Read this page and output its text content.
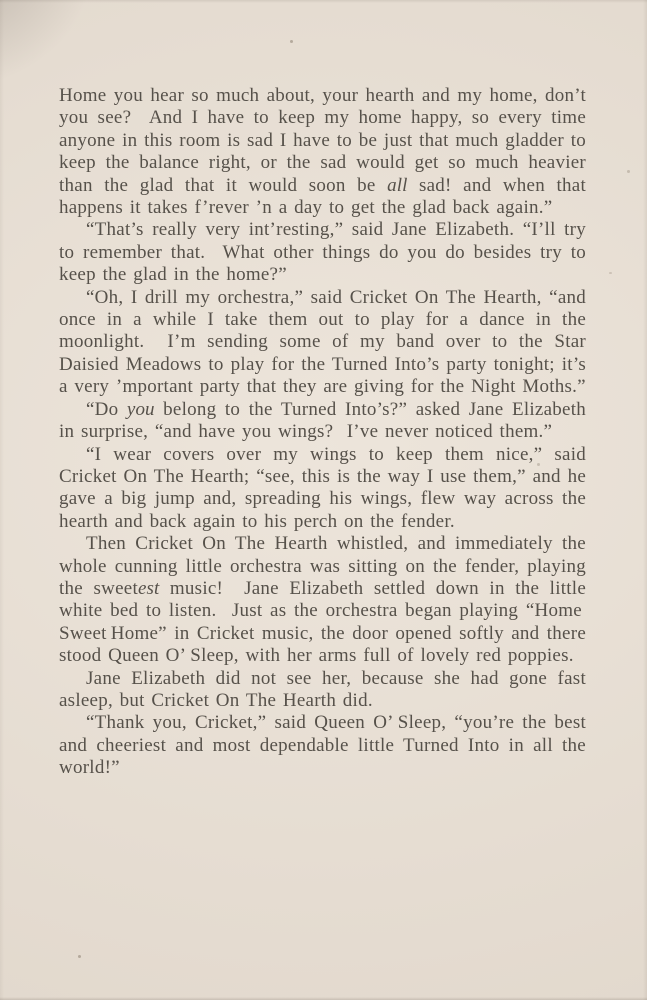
Home you hear so much about, your hearth and my home, don’t you see?  And I have to keep my home happy, so every time anyone in this room is sad I have to be just that much gladder to keep the balance right, or the sad would get so much heavier than the glad that it would soon be all sad! and when that happens it takes f’rever ’n a day to get the glad back again.”

“That’s really very int’resting,” said Jane Elizabeth. “I’ll try to remember that.  What other things do you do besides try to keep the glad in the home?”

“Oh, I drill my orchestra,” said Cricket On The Hearth, “and once in a while I take them out to play for a dance in the moonlight.  I’m sending some of my band over to the Star Daisied Meadows to play for the Turned Into’s party tonight; it’s a very ’mportant party that they are giving for the Night Moths.”

“Do you belong to the Turned Into’s?” asked Jane Elizabeth in surprise, “and have you wings?  I’ve never noticed them.”

“I wear covers over my wings to keep them nice,” said Cricket On The Hearth; “see, this is the way I use them,” and he gave a big jump and, spreading his wings, flew way across the hearth and back again to his perch on the fender.

Then Cricket On The Hearth whistled, and immediately the whole cunning little orchestra was sitting on the fender, playing the sweetest music!  Jane Elizabeth settled down in the little white bed to listen.  Just as the orchestra began playing “Home Sweet Home” in Cricket music, the door opened softly and there stood Queen O’ Sleep, with her arms full of lovely red poppies.

Jane Elizabeth did not see her, because she had gone fast asleep, but Cricket On The Hearth did.

“Thank you, Cricket,” said Queen O’ Sleep, “you’re the best and cheeriest and most dependable little Turned Into in all the world!”
